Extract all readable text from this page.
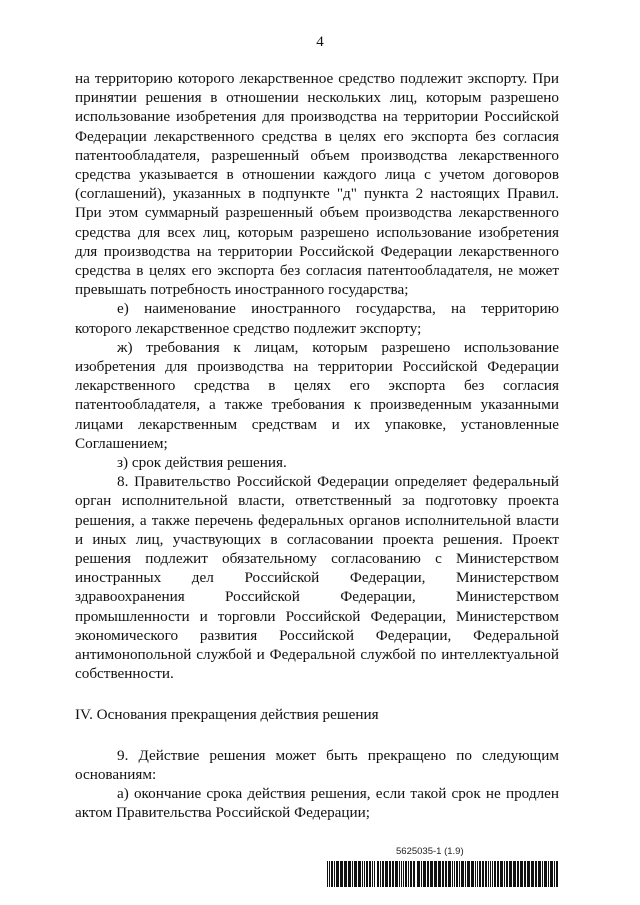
4

на территорию которого лекарственное средство подлежит экспорту. При принятии решения в отношении нескольких лиц, которым разрешено использование изобретения для производства на территории Российской Федерации лекарственного средства в целях его экспорта без согласия патентообладателя, разрешенный объем производства лекарственного средства указывается в отношении каждого лица с учетом договоров (соглашений), указанных в подпункте "д" пункта 2 настоящих Правил. При этом суммарный разрешенный объем производства лекарственного средства для всех лиц, которым разрешено использование изобретения для производства на территории Российской Федерации лекарственного средства в целях его экспорта без согласия патентообладателя, не может превышать потребность иностранного государства;

е) наименование иностранного государства, на территорию которого лекарственное средство подлежит экспорту;

ж) требования к лицам, которым разрешено использование изобретения для производства на территории Российской Федерации лекарственного средства в целях его экспорта без согласия патентообладателя, а также требования к произведенным указанными лицами лекарственным средствам и их упаковке, установленные Соглашением;

з) срок действия решения.

8. Правительство Российской Федерации определяет федеральный орган исполнительной власти, ответственный за подготовку проекта решения, а также перечень федеральных органов исполнительной власти и иных лиц, участвующих в согласовании проекта решения. Проект решения подлежит обязательному согласованию с Министерством иностранных дел Российской Федерации, Министерством здравоохранения Российской Федерации, Министерством промышленности и торговли Российской Федерации, Министерством экономического развития Российской Федерации, Федеральной антимонопольной службой и Федеральной службой по интеллектуальной собственности.

IV. Основания прекращения действия решения

9. Действие решения может быть прекращено по следующим основаниям:

а) окончание срока действия решения, если такой срок не продлен актом Правительства Российской Федерации;

5625035-1 (1.9)
